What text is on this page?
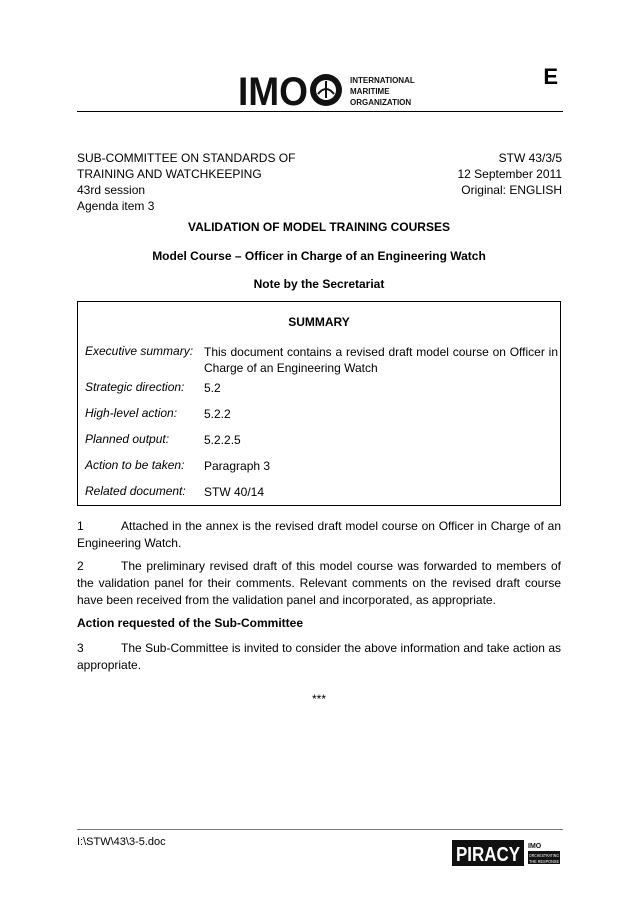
E
IMO	INTERNATIONAL
MARITIME
ORGANIZATION
SUB-COMMITTEE ON STANDARDS OF
TRAINING AND WATCHKEEPING
43rd session
Agenda item 3
STW 43/3/5
12 September 2011
Original: ENGLISH
VALIDATION OF MODEL TRAINING COURSES
Model Course – Officer in Charge of an Engineering Watch
Note by the Secretariat
SUMMARY
Executive summary: This document contains a revised draft model course on Officer in Charge of an Engineering Watch
Strategic direction: 5.2
High-level action: 5.2.2
Planned output:	5.2.2.5
Action to be taken: Paragraph 3
Related document: STW 40/14
1	Attached in the annex is the revised draft model course on Officer in Charge of an Engineering Watch.
2	The preliminary revised draft of this model course was forwarded to members of the validation panel for their comments. Relevant comments on the revised draft course have been received from the validation panel and incorporated, as appropriate.
Action requested of the Sub-Committee
3	The Sub-Committee is invited to consider the above information and take action as appropriate.
***
I:\STW\43\3-5.doc
PIRACY IMO
ORCHESTRATING
THE RESPONSE
